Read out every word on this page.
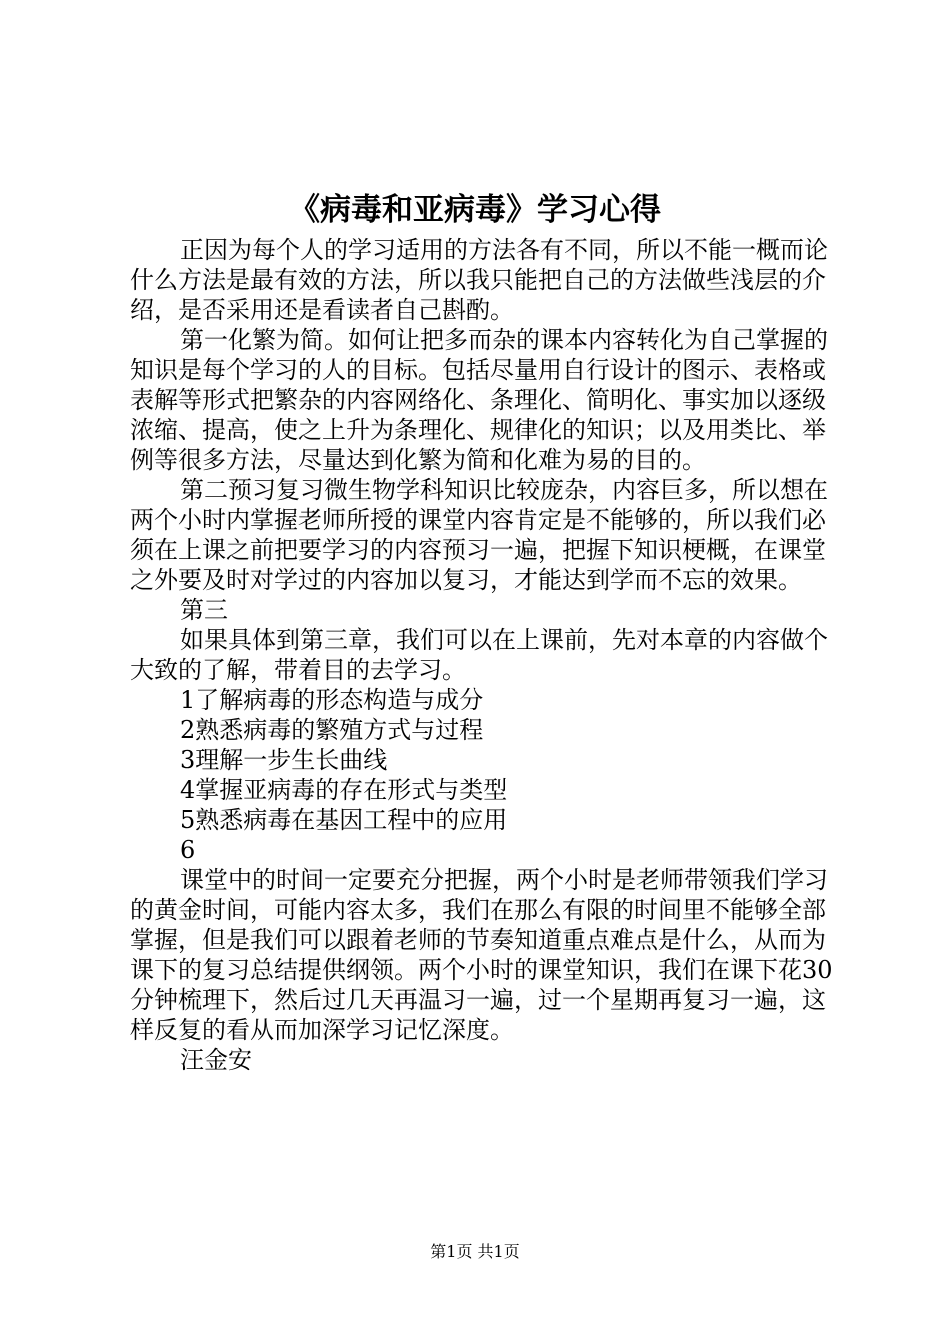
《病毒和亚病毒》学习心得

正因为每个人的学习适用的方法各有不同，所以不能一概而论什么方法是最有效的方法，所以我只能把自己的方法做些浅层的介绍，是否采用还是看读者自己斟酌。

第一化繁为简。如何让把多而杂的课本内容转化为自己掌握的知识是每个学习的人的目标。包括尽量用自行设计的图示、表格或表解等形式把繁杂的内容网络化、条理化、简明化、事实加以逐级浓缩、提高，使之上升为条理化、规律化的知识；以及用类比、举例等很多方法，尽量达到化繁为简和化难为易的目的。

第二预习复习微生物学科知识比较庞杂，内容巨多，所以想在两个小时内掌握老师所授的课堂内容肯定是不能够的，所以我们必须在上课之前把要学习的内容预习一遍，把握下知识梗概，在课堂之外要及时对学过的内容加以复习，才能达到学而不忘的效果。

第三

如果具体到第三章，我们可以在上课前，先对本章的内容做个大致的了解，带着目的去学习。

1了解病毒的形态构造与成分

2熟悉病毒的繁殖方式与过程

3理解一步生长曲线

4掌握亚病毒的存在形式与类型

5熟悉病毒在基因工程中的应用

6

课堂中的时间一定要充分把握，两个小时是老师带领我们学习的黄金时间，可能内容太多，我们在那么有限的时间里不能够全部掌握，但是我们可以跟着老师的节奏知道重点难点是什么，从而为课下的复习总结提供纲领。两个小时的课堂知识，我们在课下花30分钟梳理下，然后过几天再温习一遍，过一个星期再复习一遍，这样反复的看从而加深学习记忆深度。

汪金安

第1页 共1页
